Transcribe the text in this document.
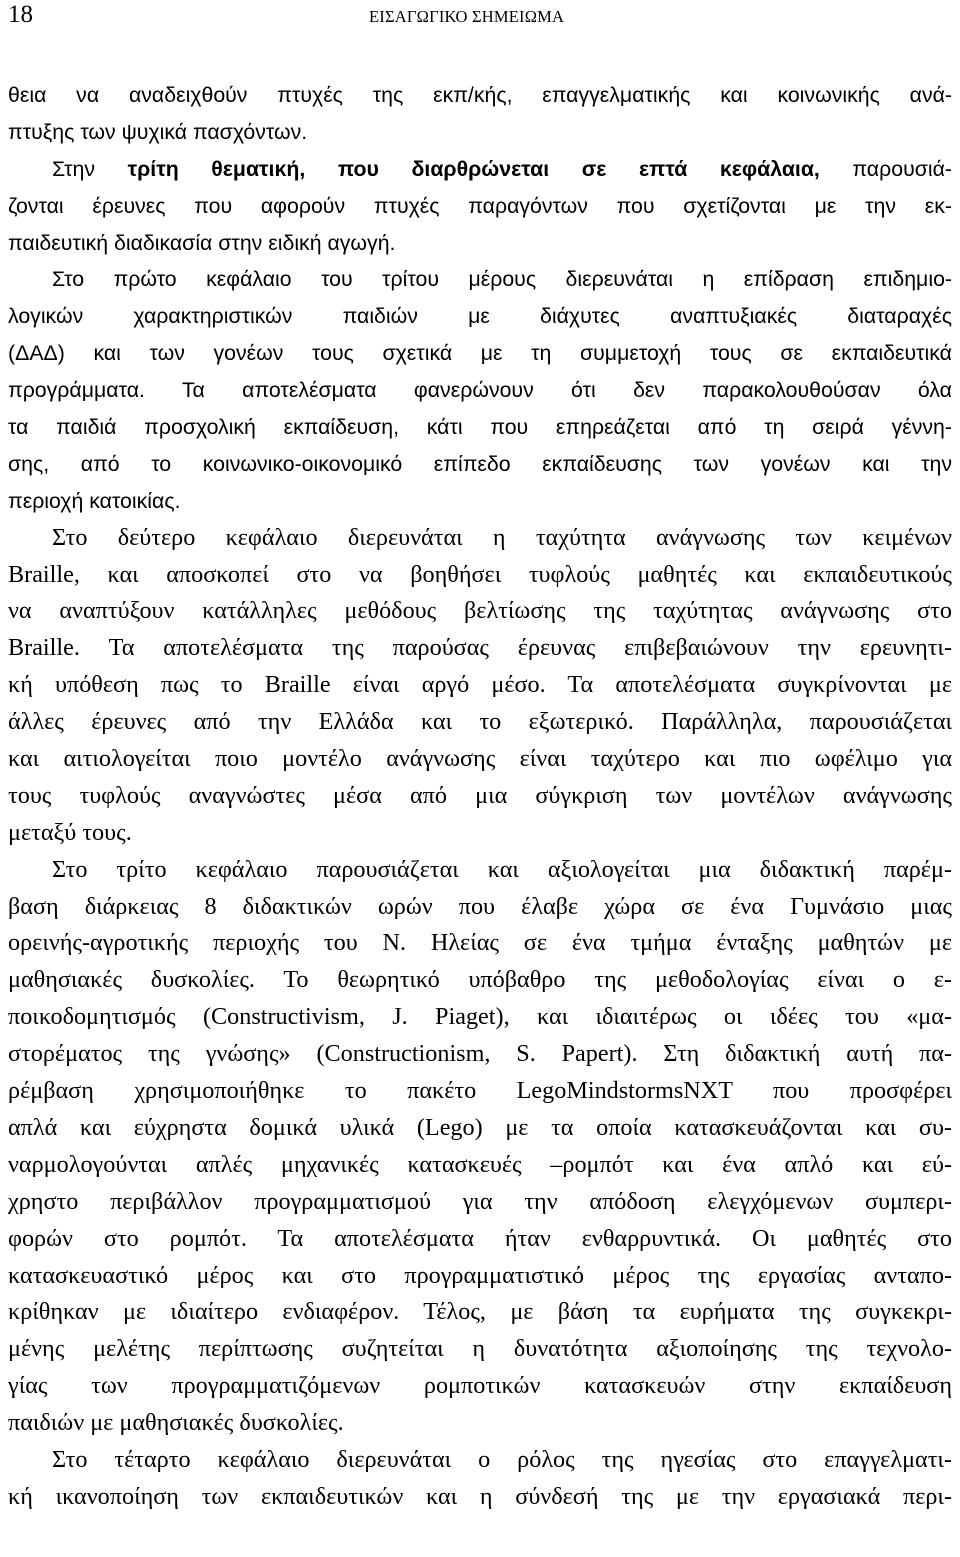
18	ΕΙΣΑΓΩΓΙΚΟ ΣΗΜΕΙΩΜΑ
θεια να αναδειχθούν πτυχές της εκπ/κής, επαγγελματικής και κοινωνικής ανά-
πτυξης των ψυχικά πασχόντων.
Στην τρίτη θεματική, που διαρθρώνεται σε επτά κεφάλαια, παρουσιά-
ζονται έρευνες που αφορούν πτυχές παραγόντων που σχετίζονται με την εκ-
παιδευτική διαδικασία στην ειδική αγωγή.
Στο πρώτο κεφάλαιο του τρίτου μέρους διερευνάται η επίδραση επιδημιο-
λογικών χαρακτηριστικών παιδιών με διάχυτες αναπτυξιακές διαταραχές
(ΔΑΔ) και των γονέων τους σχετικά με τη συμμετοχή τους σε εκπαιδευτικά
προγράμματα. Τα αποτελέσματα φανερώνουν ότι δεν παρακολουθούσαν όλα
τα παιδιά προσχολική εκπαίδευση, κάτι που επηρεάζεται από τη σειρά γέννη-
σης, από το κοινωνικο-οικονομικό επίπεδο εκπαίδευσης των γονέων και την
περιοχή κατοικίας.
Στο δεύτερο κεφάλαιο διερευνάται η ταχύτητα ανάγνωσης των κειμένων
Braille, και αποσκοπεί στο να βοηθήσει τυφλούς μαθητές και εκπαιδευτικούς
να αναπτύξουν κατάλληλες μεθόδους βελτίωσης της ταχύτητας ανάγνωσης στο
Braille. Τα αποτελέσματα της παρούσας έρευνας επιβεβαιώνουν την ερευνητι-
κή υπόθεση πως το Braille είναι αργό μέσο. Τα αποτελέσματα συγκρίνονται με
άλλες έρευνες από την Ελλάδα και το εξωτερικό. Παράλληλα, παρουσιάζεται
και αιτιολογείται ποιο μοντέλο ανάγνωσης είναι ταχύτερο και πιο ωφέλιμο για
τους τυφλούς αναγνώστες μέσα από μια σύγκριση των μοντέλων ανάγνωσης
μεταξύ τους.
Στο τρίτο κεφάλαιο παρουσιάζεται και αξιολογείται μια διδακτική παρέμ-
βαση διάρκειας 8 διδακτικών ωρών που έλαβε χώρα σε ένα Γυμνάσιο μιας
ορεινής-αγροτικής περιοχής του Ν. Ηλείας σε ένα τμήμα ένταξης μαθητών με
μαθησιακές δυσκολίες. Το θεωρητικό υπόβαθρο της μεθοδολογίας είναι ο ε-
ποικοδομητισμός (Constructivism, J. Piaget), και ιδιαιτέρως οι ιδέες του «μα-
στορέματος της γνώσης» (Constructionism, S. Papert). Στη διδακτική αυτή πα-
ρέμβαση χρησιμοποιήθηκε το πακέτο LegoMindstormsNXT που προσφέρει
απλά και εύχρηστα δομικά υλικά (Lego) με τα οποία κατασκευάζονται και συ-
ναρμολογούνται απλές μηχανικές κατασκευές –ρομπότ και ένα απλό και εύ-
χρηστο περιβάλλον προγραμματισμού για την απόδοση ελεγχόμενων συμπερι-
φορών στο ρομπότ. Τα αποτελέσματα ήταν ενθαρρυντικά. Οι μαθητές στο
κατασκευαστικό μέρος και στο προγραμματιστικό μέρος της εργασίας ανταπο-
κρίθηκαν με ιδιαίτερο ενδιαφέρον. Τέλος, με βάση τα ευρήματα της συγκεκρι-
μένης μελέτης περίπτωσης συζητείται η δυνατότητα αξιοποίησης της τεχνολο-
γίας των προγραμματιζόμενων ρομποτικών κατασκευών στην εκπαίδευση
παιδιών με μαθησιακές δυσκολίες.
Στο τέταρτο κεφάλαιο διερευνάται ο ρόλος της ηγεσίας στο επαγγελματι-
κή ικανοποίηση των εκπαιδευτικών και η σύνδεσή της με την εργασιακά περι-
